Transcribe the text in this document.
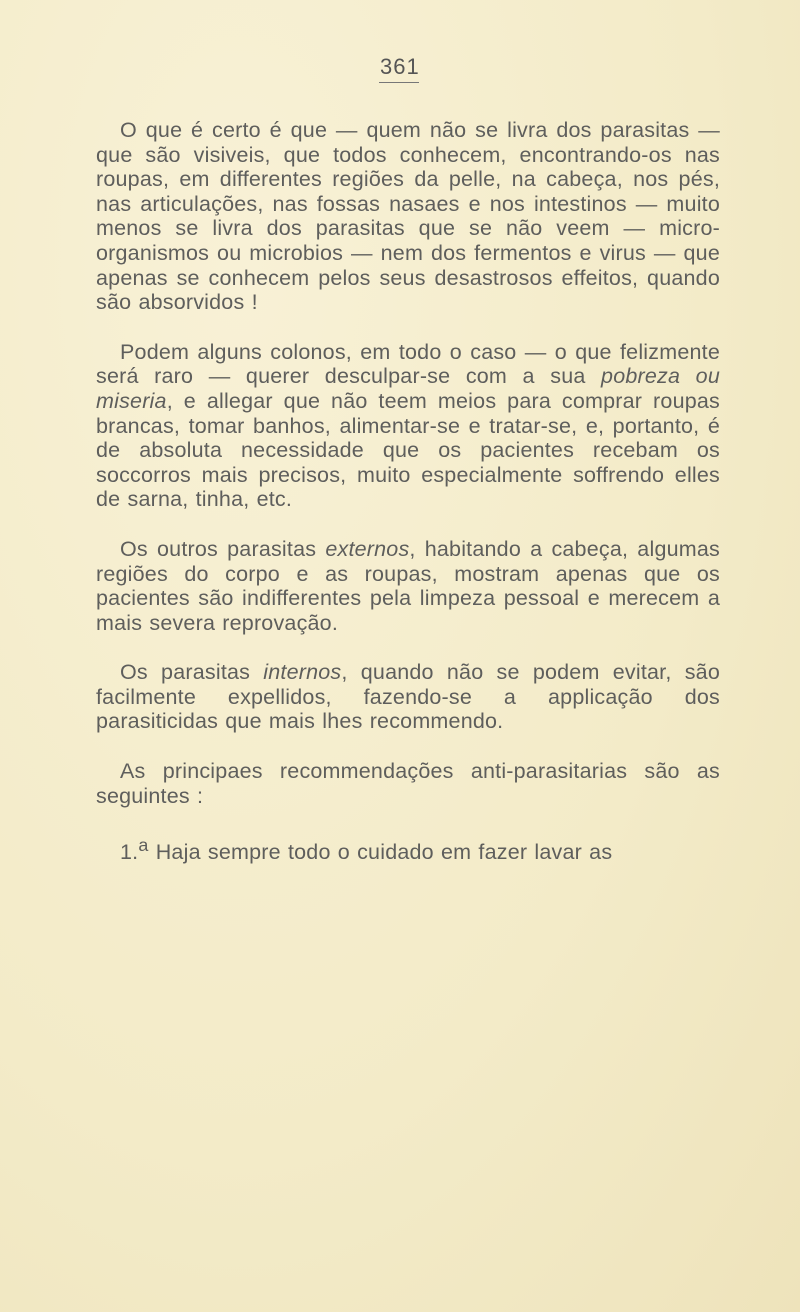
361

O que é certo é que — quem não se livra dos parasitas — que são visiveis, que todos conhecem, encontrando-os nas roupas, em differentes regiões da pelle, na cabeça, nos pés, nas articulações, nas fossas nasaes e nos intestinos — muito menos se livra dos parasitas que se não veem — micro-organismos ou microbios — nem dos fermentos e virus — que apenas se conhecem pelos seus desastrosos effeitos, quando são absorvidos !

Podem alguns colonos, em todo o caso — o que felizmente será raro — querer desculpar-se com a sua pobreza ou miseria, e allegar que não teem meios para comprar roupas brancas, tomar banhos, alimentar-se e tratar-se, e, portanto, é de absoluta necessidade que os pacientes recebam os soccorros mais precisos, muito especialmente soffrendo elles de sarna, tinha, etc.

Os outros parasitas externos, habitando a cabeça, algumas regiões do corpo e as roupas, mostram apenas que os pacientes são indifferentes pela limpeza pessoal e merecem a mais severa reprovação.

Os parasitas internos, quando não se podem evitar, são facilmente expellidos, fazendo-se a applicação dos parasiticidas que mais lhes recommendo.

As principaes recommendações anti-parasitarias são as seguintes :

1.$^a$ Haja sempre todo o cuidado em fazer lavar as
